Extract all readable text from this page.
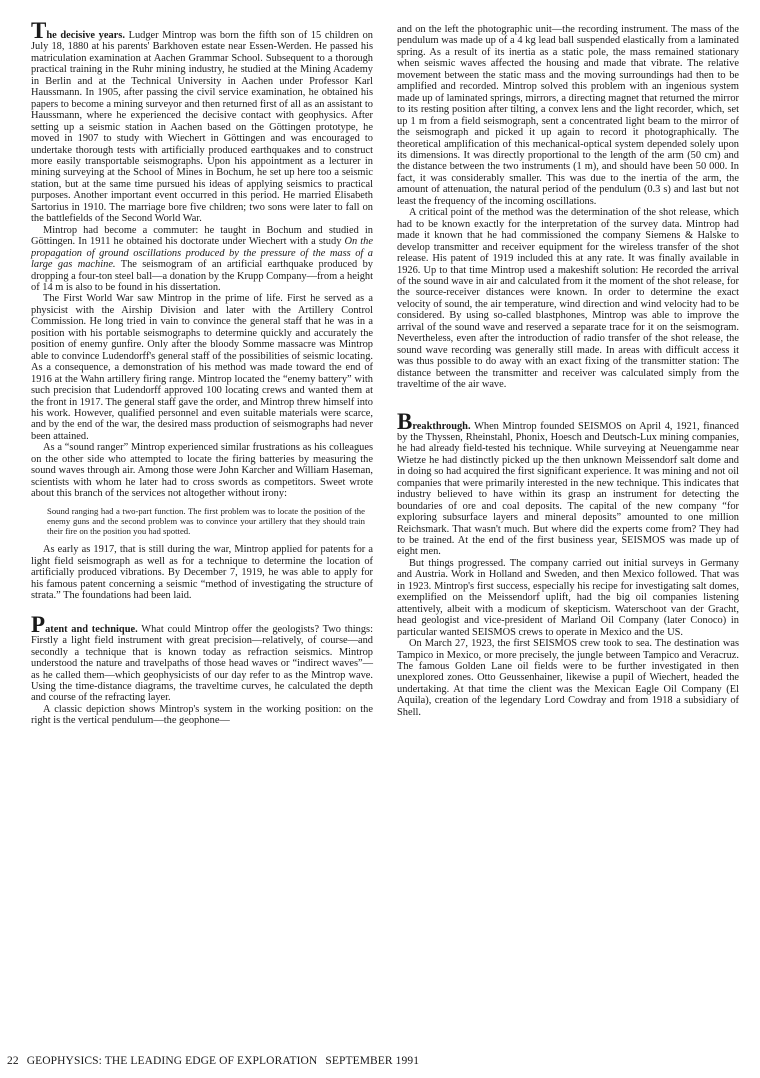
The decisive years. Ludger Mintrop was born the fifth son of 15 children on July 18, 1880 at his parents' Barkhoven estate near Essen-Werden. He passed his matriculation examination at Aachen Grammar School. Subsequent to a thorough practical training in the Ruhr mining industry, he studied at the Mining Academy in Berlin and at the Technical University in Aachen under Professor Karl Haussmann. In 1905, after passing the civil service examination, he obtained his papers to become a mining surveyor and then returned first of all as an assistant to Haussmann, where he experienced the decisive contact with geophysics. After setting up a seismic station in Aachen based on the Göttingen prototype, he moved in 1907 to study with Wiechert in Göttingen and was encouraged to undertake thorough tests with artificially produced earthquakes and to construct more easily transportable seismographs. Upon his appointment as a lecturer in mining surveying at the School of Mines in Bochum, he set up here too a seismic station, but at the same time pursued his ideas of applying seismics to practical purposes. Another important event occurred in this period. He married Elisabeth Sartorius in 1910. The marriage bore five children; two sons were later to fall on the battlefields of the Second World War.

Mintrop had become a commuter: he taught in Bochum and studied in Göttingen. In 1911 he obtained his doctorate under Wiechert with a study On the propagation of ground oscillations produced by the pressure of the mass of a large gas machine. The seismogram of an artificial earthquake produced by dropping a four-ton steel ball—a donation by the Krupp Company—from a height of 14 m is also to be found in his dissertation.

The First World War saw Mintrop in the prime of life. First he served as a physicist with the Airship Division and later with the Artillery Control Commission. He long tried in vain to convince the general staff that he was in a position with his portable seismographs to determine quickly and accurately the position of enemy gunfire. Only after the bloody Somme massacre was Mintrop able to convince Ludendorff's general staff of the possibilities of seismic locating. As a consequence, a demonstration of his method was made toward the end of 1916 at the Wahn artillery firing range. Mintrop located the “enemy battery” with such precision that Ludendorff approved 100 locating crews and wanted them at the front in 1917. The general staff gave the order, and Mintrop threw himself into his work. However, qualified personnel and even suitable materials were scarce, and by the end of the war, the desired mass production of seismographs had never been attained.

As a “sound ranger” Mintrop experienced similar frustrations as his colleagues on the other side who attempted to locate the firing batteries by measuring the sound waves through air. Among those were John Karcher and William Haseman, scientists with whom he later had to cross swords as competitors. Sweet wrote about this branch of the services not altogether without irony:

Sound ranging had a two-part function. The first problem was to locate the position of the enemy guns and the second problem was to convince your artillery that they should train their fire on the position you had spotted.

As early as 1917, that is still during the war, Mintrop applied for patents for a light field seismograph as well as for a technique to determine the location of artificially produced vibrations. By December 7, 1919, he was able to apply for his famous patent concerning a seismic “method of investigating the structure of strata.” The foundations had been laid.

Patent and technique. What could Mintrop offer the geologists? Two things: Firstly a light field instrument with great precision—relatively, of course—and secondly a technique that is known today as refraction seismics. Mintrop understood the nature and travelpaths of those head waves or “indirect waves”—as he called them—which geophysicists of our day refer to as the Mintrop wave. Using the time-distance diagrams, the traveltime curves, he calculated the depth and course of the refracting layer.

A classic depiction shows Mintrop's system in the working position: on the right is the vertical pendulum—the geophone—

and on the left the photographic unit—the recording instrument. The mass of the pendulum was made up of a 4 kg lead ball suspended elastically from a laminated spring. As a result of its inertia as a static pole, the mass remained stationary when seismic waves affected the housing and made that vibrate. The relative movement between the static mass and the moving surroundings had then to be amplified and recorded. Mintrop solved this problem with an ingenious system made up of laminated springs, mirrors, a directing magnet that returned the mirror to its resting position after tilting, a convex lens and the light recorder, which, set up 1 m from a field seismograph, sent a concentrated light beam to the mirror of the seismograph and picked it up again to record it photographically. The theoretical amplification of this mechanical-optical system depended solely upon its dimensions. It was directly proportional to the length of the arm (50 cm) and the distance between the two instruments (1 m), and should have been 50 000. In fact, it was considerably smaller. This was due to the inertia of the arm, the amount of attenuation, the natural period of the pendulum (0.3 s) and last but not least the frequency of the incoming oscillations.

A critical point of the method was the determination of the shot release, which had to be known exactly for the interpretation of the survey data. Mintrop had made it known that he had commissioned the company Siemens & Halske to develop transmitter and receiver equipment for the wireless transfer of the shot release. His patent of 1919 included this at any rate. It was finally available in 1926. Up to that time Mintrop used a makeshift solution: He recorded the arrival of the sound wave in air and calculated from it the moment of the shot release, for the source-receiver distances were known. In order to determine the exact velocity of sound, the air temperature, wind direction and wind velocity had to be considered. By using so-called blastphones, Mintrop was able to improve the arrival of the sound wave and reserved a separate trace for it on the seismogram. Nevertheless, even after the introduction of radio transfer of the shot release, the sound wave recording was generally still made. In areas with difficult access it was thus possible to do away with an exact fixing of the transmitter station: The distance between the transmitter and receiver was calculated simply from the traveltime of the air wave.

Breakthrough. When Mintrop founded SEISMOS on April 4, 1921, financed by the Thyssen, Rheinstahl, Phonix, Hoesch and Deutsch-Lux mining companies, he had already field-tested his technique. While surveying at Neuengamme near Wietze he had distinctly picked up the then unknown Meissendorf salt dome and in doing so had acquired the first significant experience. It was mining and not oil companies that were primarily interested in the new technique. This indicates that industry believed to have within its grasp an instrument for detecting the boundaries of ore and coal deposits. The capital of the new company “for exploring subsurface layers and mineral deposits” amounted to one million Reichsmark. That wasn't much. But where did the experts come from? They had to be trained. At the end of the first business year, SEISMOS was made up of eight men.

But things progressed. The company carried out initial surveys in Germany and Austria. Work in Holland and Sweden, and then Mexico followed. That was in 1923. Mintrop's first success, especially his recipe for investigating salt domes, exemplified on the Meissendorf uplift, had the big oil companies listening attentively, albeit with a modicum of skepticism. Waterschoot van der Gracht, head geologist and vice-president of Marland Oil Company (later Conoco) in particular wanted SEISMOS crews to operate in Mexico and the US.

On March 27, 1923, the first SEISMOS crew took to sea. The destination was Tampico in Mexico, or more precisely, the jungle between Tampico and Veracruz. The famous Golden Lane oil fields were to be further investigated in then unexplored zones. Otto Geussenhainer, likewise a pupil of Wiechert, headed the undertaking. At that time the client was the Mexican Eagle Oil Company (El Aquila), creation of the legendary Lord Cowdray and from 1918 a subsidiary of Shell.

22 GEOPHYSICS: THE LEADING EDGE OF EXPLORATION SEPTEMBER 1991
